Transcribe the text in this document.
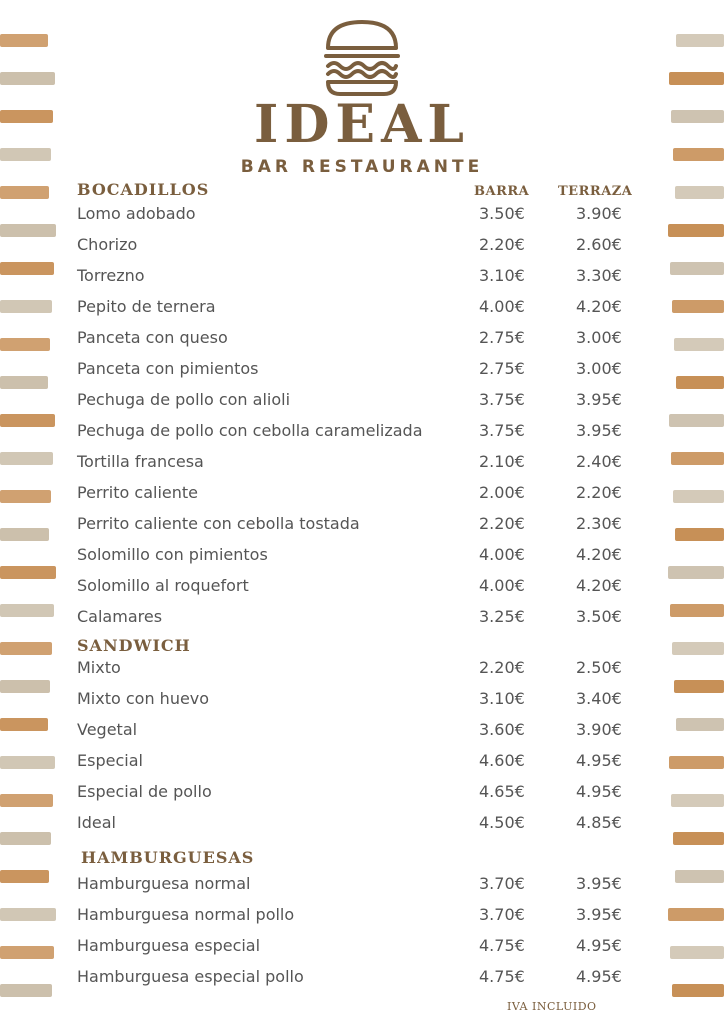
IDEAL
BAR RESTAURANTE
BOCADILLOS	BARRA TERRAZA
Lomo adobado	3.50€	3.90€
Chorizo	2.20€	2.60€
Torrezno	3.10€	3.30€
Pepito de ternera	4.00€	4.20€
Panceta con queso	2.75€	3.00€
Panceta con pimientos	2.75€	3.00€
Pechuga de pollo con alioli	3.75€	3.95€
Pechuga de pollo con cebolla caramelizada	3.75€	3.95€
Tortilla francesa	2.10€	2.40€
Perrito caliente	2.00€	2.20€
Perrito caliente con cebolla tostada	2.20€	2.30€
Solomillo con pimientos	4.00€	4.20€
Solomillo al roquefort	4.00€	4.20€
Calamares	3.25€	3.50€
SANDWICH
Mixto	2.20€	2.50€
Mixto con huevo	3.10€	3.40€
Vegetal	3.60€	3.90€
Especial	4.60€	4.95€
Especial de pollo	4.65€	4.95€
Ideal	4.50€	4.85€
HAMBURGUESAS
Hamburguesa normal	3.70€	3.95€
Hamburguesa normal pollo	3.70€	3.95€
Hamburguesa especial	4.75€	4.95€
Hamburguesa especial pollo	4.75€	4.95€
IVA INCLUIDO
